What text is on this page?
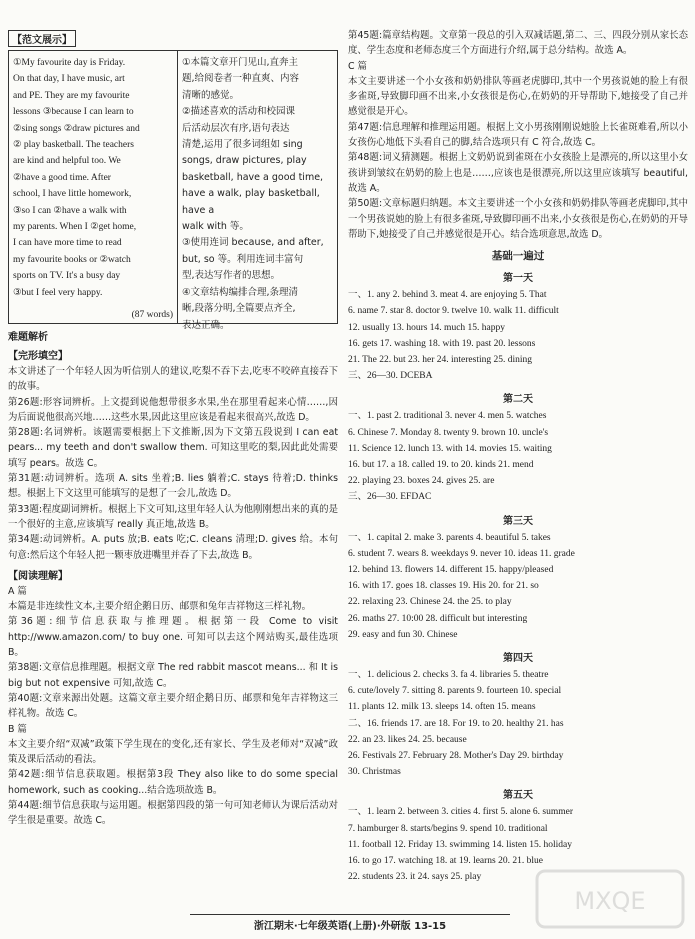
【范文展示】
①My favourite day is Friday.
On that day, I have music, art
and PE. They are my favourite
lessons ③because I can learn to
②sing songs ②draw pictures and
② play basketball. The teachers
are kind and helpful too. We
②have a good time. After
school, I have little homework,
③so I can ②have a walk with
my parents. When I ②get home,
I can have more time to read
my favourite books or ②watch
sports on TV. It's a busy day
③but I feel very happy.
(87 words)
①本篇文章开门见山,直奔主
题,给阅卷者一种直爽、内容
清晰的感觉。
②描述喜欢的活动和校园课
后活动层次有序,语句表达
清楚,运用了很多词组如 sing
songs, draw pictures, play
basketball, have a good time,
have a walk, play basketball, have a
walk with 等。
③使用连词 because, and after,
but, so 等。利用连词丰富句
型,表达写作者的思想。
④文章结构编排合理,条理清
晰,段落分明,全篇要点齐全,
表达正确。
难题解析
【完形填空】

本文讲述了一个年轻人因为听信别人的建议,吃梨不吞下去,吃枣不咬碎直接吞下的故事。

第26题:形容词辨析。上文提到说他想带很多水果,坐在那里看起来心情……,因为后面说他很高兴地……这些水果,因此这里应该是看起来很高兴,故选 D。

第28题:名词辨析。该题需要根据上下文推断,因为下文第五段说到 I can eat pears... my teeth and don't swallow them. 可知这里吃的梨,因此此处需要填写 pears。故选 C。

第31题:动词辨析。选项 A. sits 坐着;B. lies 躺着;C. stays 待着;D. thinks 想。根据上下文这里可能填写的是想了一会儿,故选 D。

第33题:程度副词辨析。根据上下文可知,这里年轻人认为他刚刚想出来的真的是一个很好的主意,应该填写 really 真正地,故选 B。

第34题:动词辨析。A. puts 放;B. eats 吃;C. cleans 清理;D. gives 给。本句句意:然后这个年轻人把一颗枣放进嘴里并吞了下去,故选 B。

【阅读理解】

A 篇

本篇是非连续性文本,主要介绍企鹅日历、邮票和兔年吉祥物这三样礼物。

第36题:细节信息获取与推理题。根据第一段 Come to visit http://www.amazon.com/ to buy one. 可知可以去这个网站购买,最佳选项 B。

第38题:文章信息推理题。根据文章 The red rabbit mascot means... 和 It is big but not expensive 可知,故选 C。

第40题:文章来源出处题。这篇文章主要介绍企鹅日历、邮票和兔年吉祥物这三样礼物。故选 C。

B 篇

本文主要介绍“双减”政策下学生现在的变化,还有家长、学生及老师对“双减”政策及课后活动的看法。

第42题:细节信息获取题。根据第3段 They also like to do some special homework, such as cooking...结合选项故选 B。

第44题:细节信息获取与运用题。根据第四段的第一句可知老师认为课后活动对学生很是重要。故选 C。

第45题:篇章结构题。文章第一段总的引入双减话题,第二、三、四段分别从家长态度、学生态度和老师态度三个方面进行介绍,属于总分结构。故选 A。

C 篇

本文主要讲述一个小女孩和奶奶排队等画老虎脚印,其中一个男孩说她的脸上有很多雀斑,导致脚印画不出来,小女孩很是伤心,在奶奶的开导帮助下,她接受了自己并感觉很是开心。

第47题:信息理解和推理运用题。根据上文小男孩刚刚说她脸上长雀斑难看,所以小女孩伤心地低下头看自己的脚,结合选项只有 C 符合,故选 C。

第48题:词义猜测题。根据上文奶奶说到雀斑在小女孩脸上是漂亮的,所以这里小女孩讲到皱纹在奶奶的脸上也是……,应该也是很漂亮,所以这里应该填写 beautiful,故选 A。

第50题:文章标题归纳题。本文主要讲述一个小女孩和奶奶排队等画老虎脚印,其中一个男孩说她的脸上有很多雀斑,导致脚印画不出来,小女孩很是伤心,在奶奶的开导帮助下,她接受了自己并感觉很是开心。结合选项意思,故选 D。

基础一遍过
第一天
一、1. any 2. behind 3. meat 4. are enjoying 5. That
6. name 7. star 8. doctor 9. twelve 10. walk 11. difficult
12. usually 13. hours 14. much 15. happy
16. gets 17. washing 18. with 19. past 20. lessons
21. The 22. but 23. her 24. interesting 25. dining
三、26—30. DCEBA
第二天
一、1. past 2. traditional 3. never 4. men 5. watches
6. Chinese 7. Monday 8. twenty 9. brown 10. uncle's
11. Science 12. lunch 13. with 14. movies 15. waiting
16. but 17. a 18. called 19. to 20. kinds 21. mend
22. playing 23. boxes 24. gives 25. are
三、26—30. EFDAC
第三天
一、1. capital 2. make 3. parents 4. beautiful 5. takes
6. student 7. wears 8. weekdays 9. never 10. ideas 11. grade
12. behind 13. flowers 14. different 15. happy/pleased
16. with 17. goes 18. classes 19. His 20. for 21. so
22. relaxing 23. Chinese 24. the 25. to play
26. maths 27. 10:00 28. difficult but interesting
29. easy and fun 30. Chinese
第四天
一、1. delicious 2. checks 3. fa 4. libraries 5. theatre
6. cute/lovely 7. sitting 8. parents 9. fourteen 10. special
11. plants 12. milk 13. sleeps 14. often 15. means
二、16. friends 17. are 18. For 19. to 20. healthy 21. has
22. an 23. likes 24. 25. because
26. Festivals 27. February 28. Mother's Day 29. birthday
30. Christmas
第五天
一、1. learn 2. between 3. cities 4. first 5. alone 6. summer
7. hamburger 8. starts/begins 9. spend 10. traditional
11. football 12. Friday 13. swimming 14. listen 15. holiday
16. to go 17. watching 18. at 19. learns 20. 21. blue
22. students 23. it 24. says 25. play
浙江期末·七年级英语(上册)·外研版 13-15
MXQE
